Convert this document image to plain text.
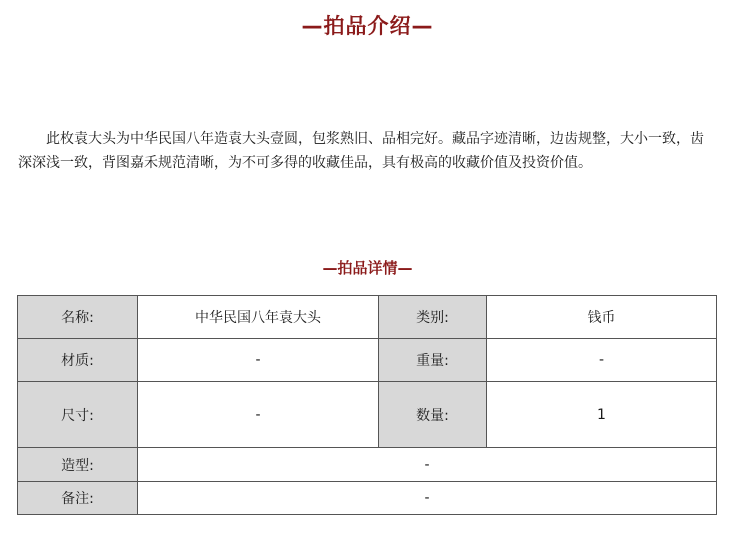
—拍品介绍—

此枚袁大头为中华民国八年造袁大头壹圆，包浆熟旧、品相完好。藏品字迹清晰，边齿规整，大小一致，齿深深浅一致，背图嘉禾规范清晰，为不可多得的收藏佳品，具有极高的收藏价值及投资价值。

—拍品详情—
名称:	中华民国八年袁大头	类别:	钱币
材质:	-	重量:	-
尺寸:	-	数量:	1
造型:	-		
备注:	-		
